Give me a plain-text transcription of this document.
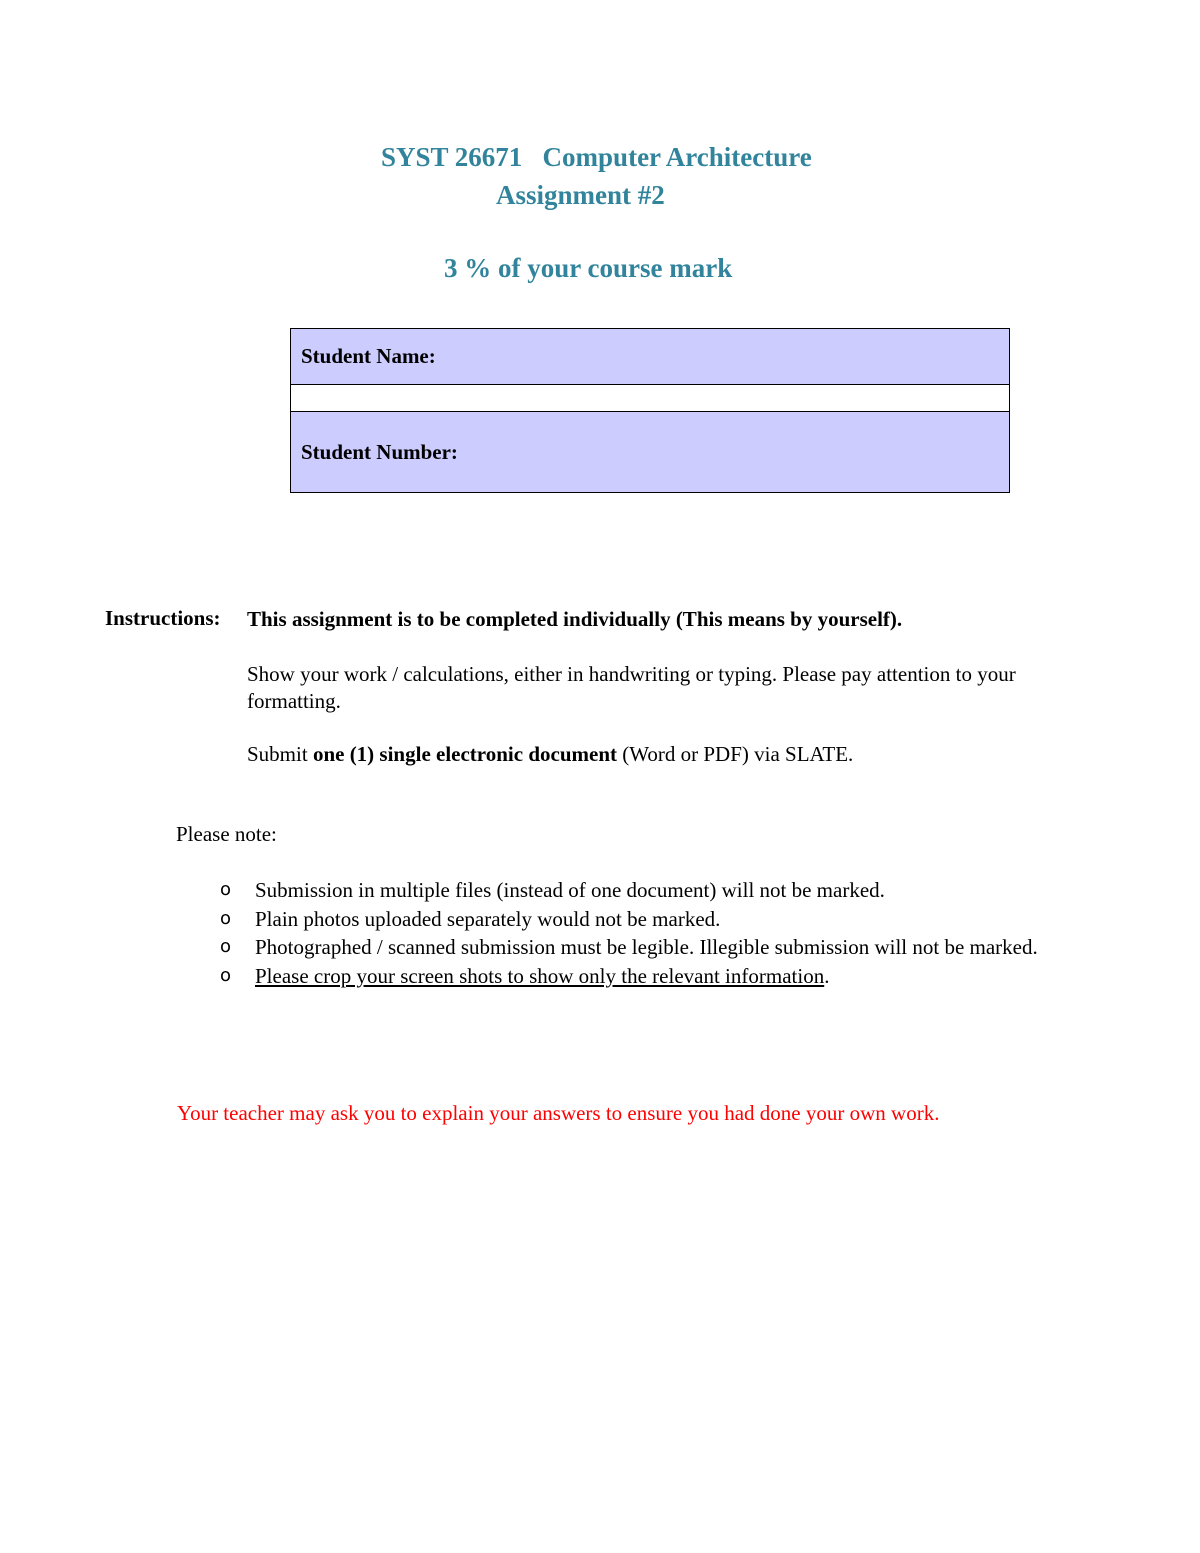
SYST 26671   Computer Architecture
Assignment #2
3 % of your course mark
Student Name:
Student Number:
Instructions: This assignment is to be completed individually (This means by yourself).
Show your work / calculations, either in handwriting or typing. Please pay attention to your formatting.
Submit one (1) single electronic document (Word or PDF) via SLATE.
Please note:
o Submission in multiple files (instead of one document) will not be marked.
o Plain photos uploaded separately would not be marked.
o Photographed / scanned submission must be legible. Illegible submission will not be marked.
o Please crop your screen shots to show only the relevant information.
Your teacher may ask you to explain your answers to ensure you had done your own work.
